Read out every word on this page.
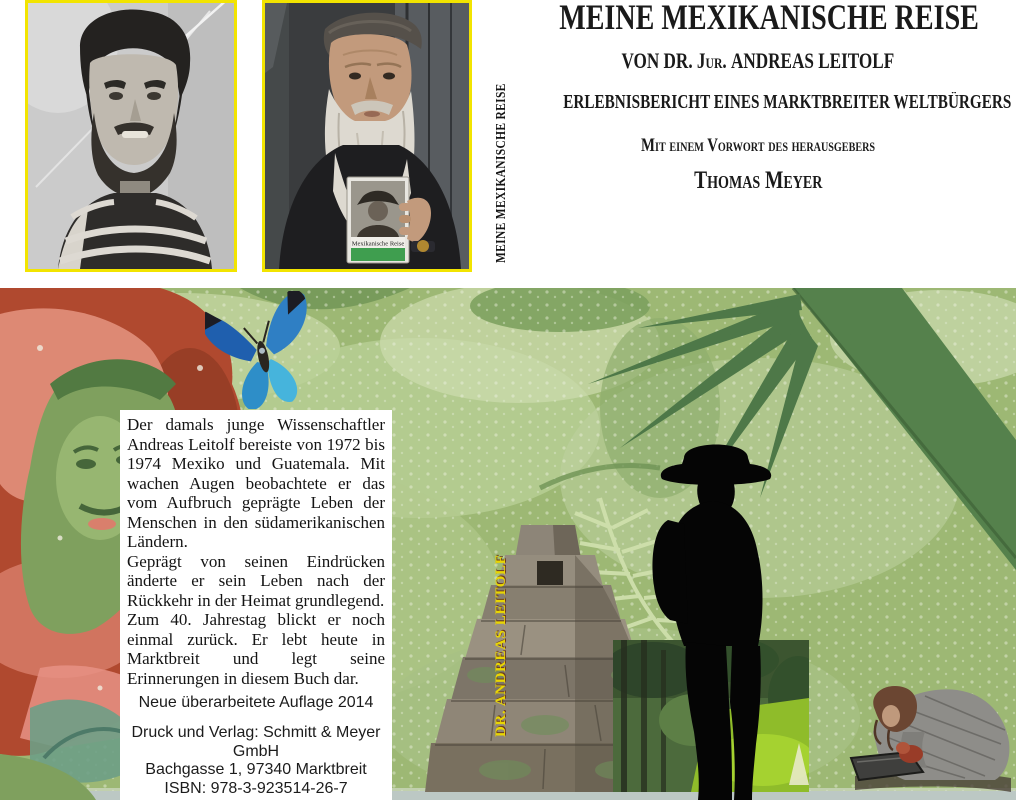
Mexikanische Reise	MEINE MEXIKANISCHE REISE
MEINE MEXIKANISCHE REISE
VON DR. Jur. ANDREAS LEITOLF
ERLEBNISBERICHT EINES MARKTBREITER WELTBÜRGERS
Mit einem Vorwort des herausgebers
Thomas Meyer
DR. ANDREAS LEITOLF

Der damals junge Wissenschaftler Andreas Leitolf bereiste von 1972 bis 1974 Mexiko und Guatemala. Mit wachen Augen beobachtete er das vom Aufbruch geprägte Leben der Menschen in den südamerikanischen Ländern.

Geprägt von seinen Eindrücken änderte er sein Leben nach der Rückkehr in der Heimat grundlegend.

Zum 40. Jahrestag blickt er noch einmal zurück. Er lebt heute in Marktbreit und legt seine Erinnerungen in diesem Buch dar.

Neue überarbeitete Auflage 2014
Druck und Verlag: Schmitt & Meyer GmbH
Bachgasse 1, 97340 Marktbreit
ISBN: 978-3-923514-26-7
